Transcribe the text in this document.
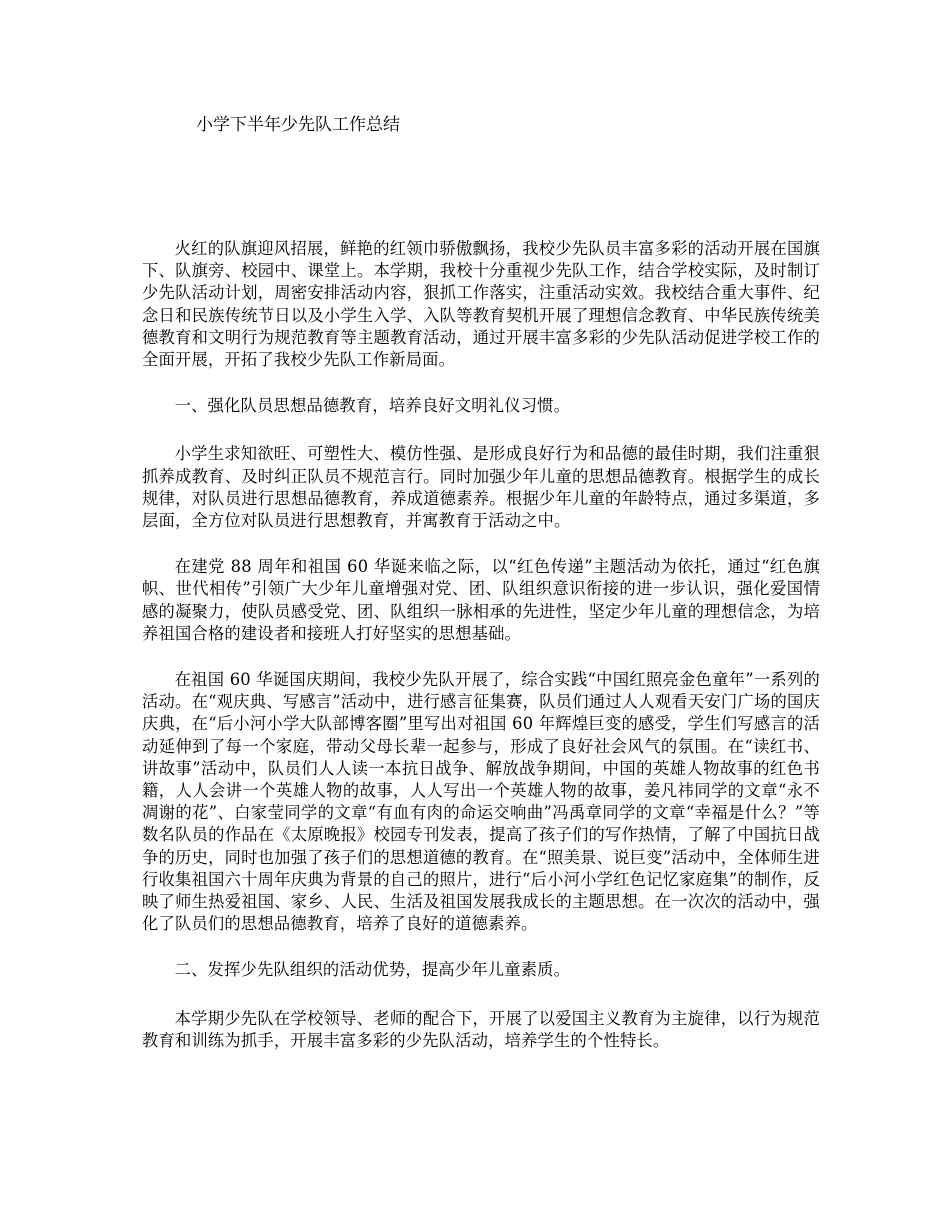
小学下半年少先队工作总结

火红的队旗迎风招展，鲜艳的红领巾骄傲飘扬，我校少先队员丰富多彩的活动开展在国旗下、队旗旁、校园中、课堂上。本学期，我校十分重视少先队工作，结合学校实际，及时制订少先队活动计划，周密安排活动内容，狠抓工作落实，注重活动实效。我校结合重大事件、纪念日和民族传统节日以及小学生入学、入队等教育契机开展了理想信念教育、中华民族传统美德教育和文明行为规范教育等主题教育活动，通过开展丰富多彩的少先队活动促进学校工作的全面开展，开拓了我校少先队工作新局面。

一、强化队员思想品德教育，培养良好文明礼仪习惯。

小学生求知欲旺、可塑性大、模仿性强、是形成良好行为和品德的最佳时期，我们注重狠抓养成教育、及时纠正队员不规范言行。同时加强少年儿童的思想品德教育。根据学生的成长规律，对队员进行思想品德教育，养成道德素养。根据少年儿童的年龄特点，通过多渠道，多层面，全方位对队员进行思想教育，并寓教育于活动之中。

在建党 88 周年和祖国 60 华诞来临之际，以“红色传递”主题活动为依托，通过“红色旗帜、世代相传”引领广大少年儿童增强对党、团、队组织意识衔接的进一步认识，强化爱国情感的凝聚力，使队员感受党、团、队组织一脉相承的先进性，坚定少年儿童的理想信念，为培养祖国合格的建设者和接班人打好坚实的思想基础。

在祖国 60 华诞国庆期间，我校少先队开展了，综合实践“中国红照亮金色童年”一系列的活动。在“观庆典、写感言”活动中，进行感言征集赛，队员们通过人人观看天安门广场的国庆庆典，在“后小河小学大队部博客圈”里写出对祖国 60 年辉煌巨变的感受，学生们写感言的活动延伸到了每一个家庭，带动父母长辈一起参与，形成了良好社会风气的氛围。在“读红书、讲故事”活动中，队员们人人读一本抗日战争、解放战争期间，中国的英雄人物故事的红色书籍，人人会讲一个英雄人物的故事，人人写出一个英雄人物的故事，姜凡祎同学的文章“永不凋谢的花”、白家莹同学的文章“有血有肉的命运交响曲”冯禹章同学的文章“幸福是什么？”等数名队员的作品在《太原晚报》校园专刊发表，提高了孩子们的写作热情，了解了中国抗日战争的历史，同时也加强了孩子们的思想道德的教育。在“照美景、说巨变”活动中，全体师生进行收集祖国六十周年庆典为背景的自己的照片，进行“后小河小学红色记忆家庭集”的制作，反映了师生热爱祖国、家乡、人民、生活及祖国发展我成长的主题思想。在一次次的活动中，强化了队员们的思想品德教育，培养了良好的道德素养。

二、发挥少先队组织的活动优势，提高少年儿童素质。

本学期少先队在学校领导、老师的配合下，开展了以爱国主义教育为主旋律，以行为规范教育和训练为抓手，开展丰富多彩的少先队活动，培养学生的个性特长。
